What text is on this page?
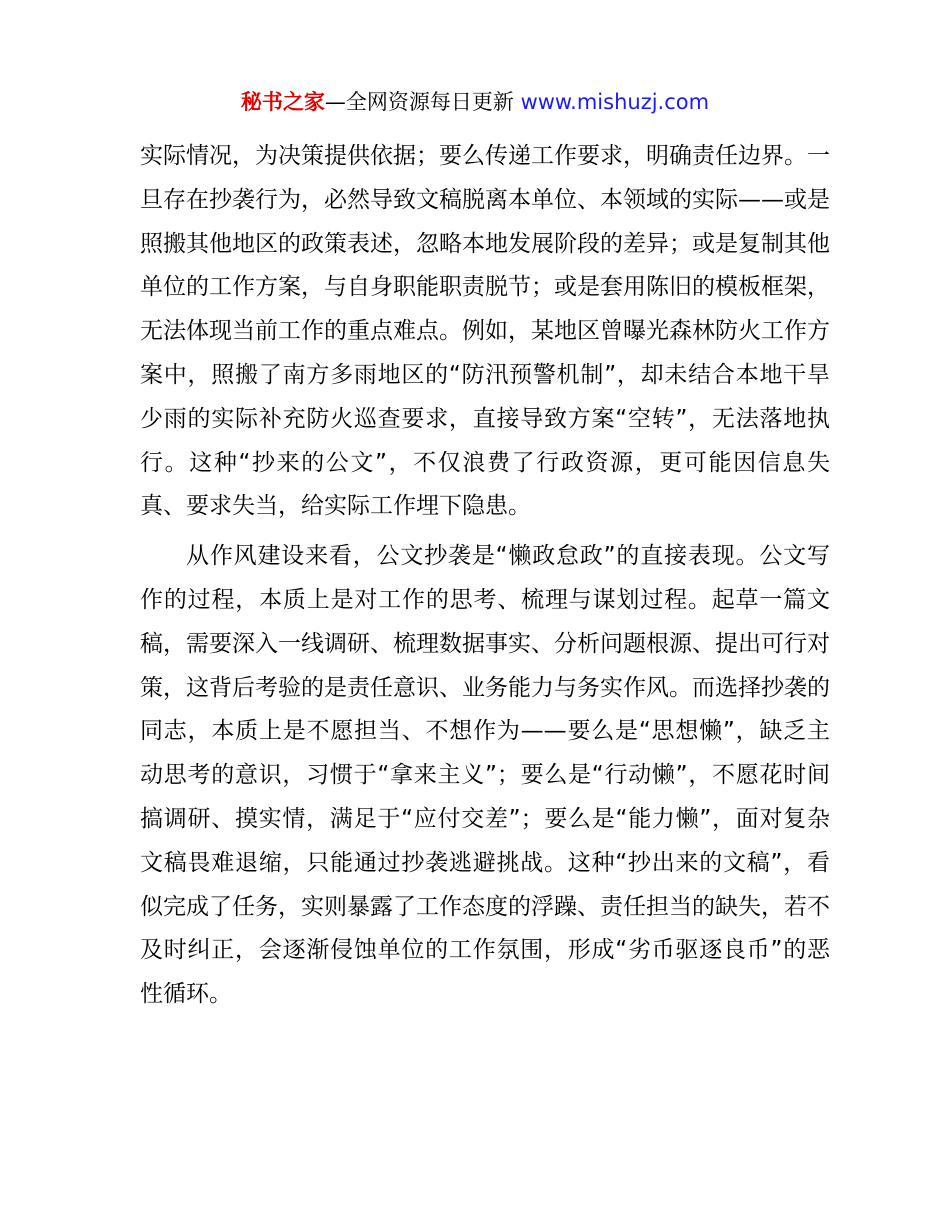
秘书之家—全网资源每日更新 www.mishuzj.com

实际情况，为决策提供依据；要么传递工作要求，明确责任边界。一旦存在抄袭行为，必然导致文稿脱离本单位、本领域的实际——或是照搬其他地区的政策表述，忽略本地发展阶段的差异；或是复制其他单位的工作方案，与自身职能职责脱节；或是套用陈旧的模板框架，无法体现当前工作的重点难点。例如，某地区曾曝光森林防火工作方案中，照搬了南方多雨地区的“防汛预警机制”，却未结合本地干旱少雨的实际补充防火巡查要求，直接导致方案“空转”，无法落地执行。这种“抄来的公文”，不仅浪费了行政资源，更可能因信息失真、要求失当，给实际工作埋下隐患。

从作风建设来看，公文抄袭是“懒政怠政”的直接表现。公文写作的过程，本质上是对工作的思考、梳理与谋划过程。起草一篇文稿，需要深入一线调研、梳理数据事实、分析问题根源、提出可行对策，这背后考验的是责任意识、业务能力与务实作风。而选择抄袭的同志，本质上是不愿担当、不想作为——要么是“思想懒”，缺乏主动思考的意识，习惯于“拿来主义”；要么是“行动懒”，不愿花时间搞调研、摸实情，满足于“应付交差”；要么是“能力懒”，面对复杂文稿畏难退缩，只能通过抄袭逃避挑战。这种“抄出来的文稿”，看似完成了任务，实则暴露了工作态度的浮躁、责任担当的缺失，若不及时纠正，会逐渐侵蚀单位的工作氛围，形成“劣币驱逐良币”的恶性循环。
